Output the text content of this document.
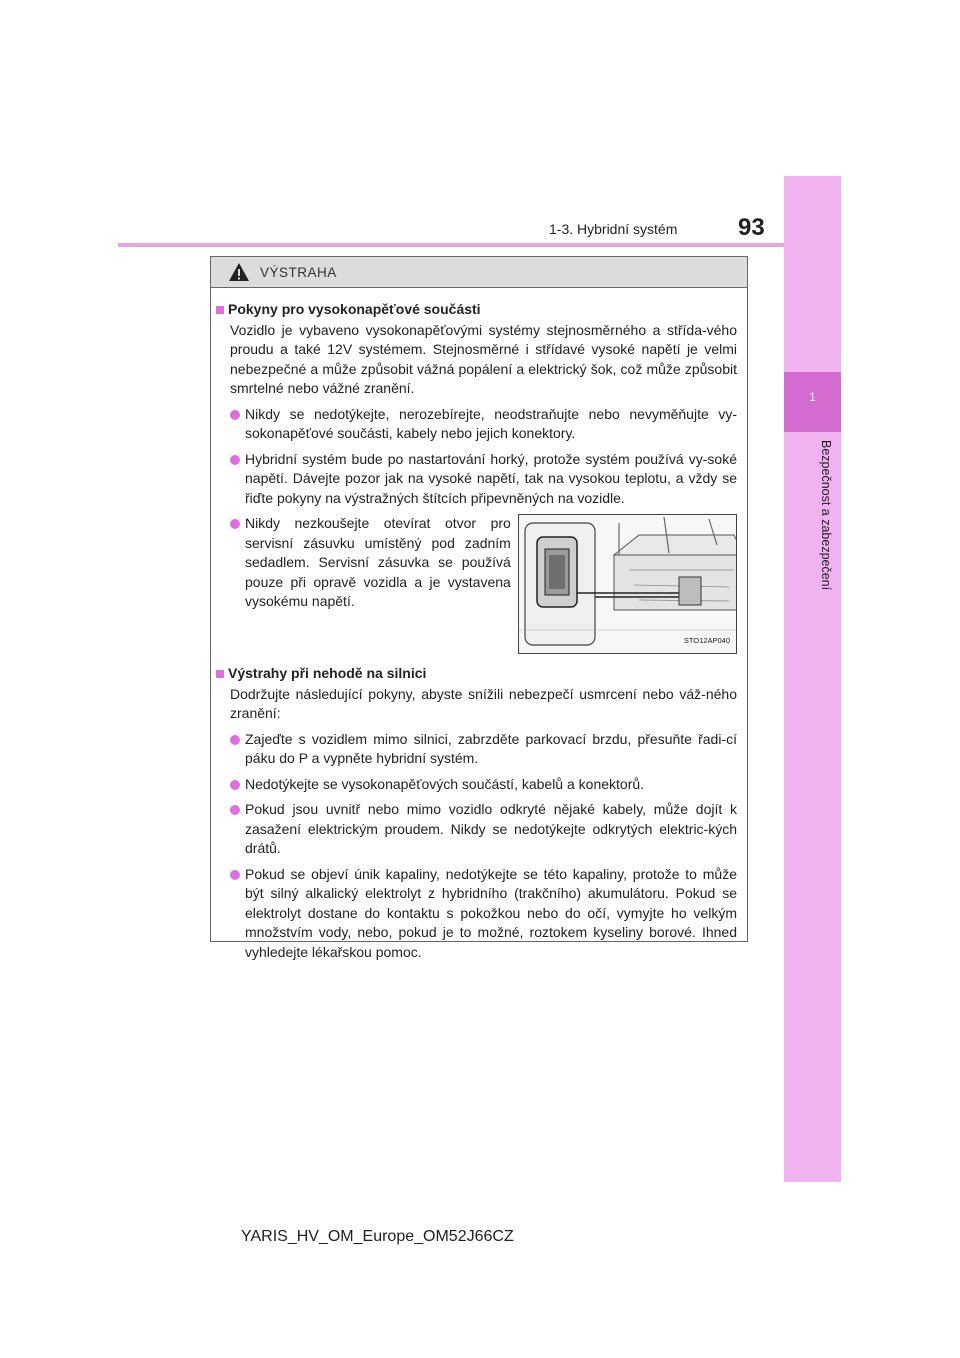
1
Bezpečnost a zabezpečení
1-3. Hybridní systém	93
VÝSTRAHA
Pokyny pro vysokonapěťové součásti
Vozidlo je vybaveno vysokonapěťovými systémy stejnosměrného a střída-vého proudu a také 12V systémem. Stejnosměrné i střídavé vysoké napětí je velmi nebezpečné a může způsobit vážná popálení a elektrický šok, což může způsobit smrtelné nebo vážné zranění.
Nikdy se nedotýkejte, nerozebírejte, neodstraňujte nebo nevyměňujte vy-sokonapěťové součásti, kabely nebo jejich konektory.
Hybridní systém bude po nastartování horký, protože systém používá vy-soké napětí. Dávejte pozor jak na vysoké napětí, tak na vysokou teplotu, a vždy se řiďte pokyny na výstražných štítcích připevněných na vozidle.
Nikdy nezkoušejte otevírat otvor pro servisní zásuvku umístěný pod zadním sedadlem. Servisní zásuvka se používá pouze při opravě vozidla a je vystavena vysokému napětí.
STO12AP040
Výstrahy při nehodě na silnici
Dodržujte následující pokyny, abyste snížili nebezpečí usmrcení nebo váž-ného zranění:
Zajeďte s vozidlem mimo silnici, zabrzděte parkovací brzdu, přesuňte řadi-cí páku do P a vypněte hybridní systém.
Nedotýkejte se vysokonapěťových součástí, kabelů a konektorů.
Pokud jsou uvnitř nebo mimo vozidlo odkryté nějaké kabely, může dojít k zasažení elektrickým proudem. Nikdy se nedotýkejte odkrytých elektric-kých drátů.
Pokud se objeví únik kapaliny, nedotýkejte se této kapaliny, protože to může být silný alkalický elektrolyt z hybridního (trakčního) akumulátoru. Pokud se elektrolyt dostane do kontaktu s pokožkou nebo do očí, vymyjte ho velkým množstvím vody, nebo, pokud je to možné, roztokem kyseliny borové. Ihned vyhledejte lékařskou pomoc.
YARIS_HV_OM_Europe_OM52J66CZ
